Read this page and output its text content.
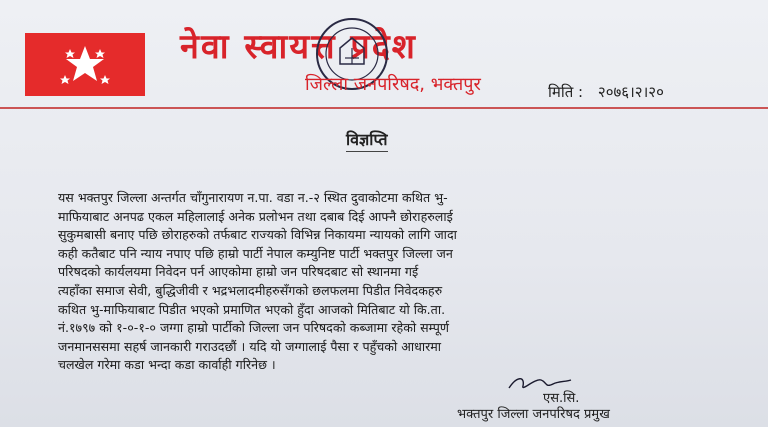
नेवा स्वायत्त प्रदेश
जिल्ला जनपरिषद, भक्तपुर	मिति : २०७६।२।२०
विज्ञप्ति
यस भक्तपुर जिल्ला अन्तर्गत चाँगुनारायण न.पा. वडा न.-२ स्थित दुवाकोटमा कथित भु-
माफियाबाट अनपढ एकल महिलालाई अनेक प्रलोभन तथा दबाब दिई आफ्नै छोराहरुलाई
सुकुमबासी बनाए पछि छोराहरुको तर्फबाट राज्यको विभिन्न निकायमा न्यायको लागि जादा
कही कतैबाट पनि न्याय नपाए पछि हाम्रो पार्टी नेपाल कम्युनिष्ट पार्टी भक्तपुर जिल्ला जन
परिषदको कार्यलयमा निवेदन पर्न आएकोमा हाम्रो जन परिषदबाट सो स्थानमा गई
त्यहाँका समाज सेवी, बुद्धिजीवी र भद्रभलादमीहरुसँगको छलफलमा पिडीत निवेदकहरु
कथित भु-माफियाबाट पिडीत भएको प्रमाणित भएको हुँदा आजको मितिबाट यो कि.ता.
नं.१७९७ को १-०-१-० जग्गा हाम्रो पार्टीको जिल्ला जन परिषदको कब्जामा रहेको सम्पूर्ण
जनमानससमा सहर्ष जानकारी गराउदछौं । यदि यो जग्गालाई पैसा र पहुँचको आधारमा
चलखेल गरेमा कडा भन्दा कडा कार्वाही गरिनेछ ।
एस.सि.
भक्तपुर जिल्ला जनपरिषद प्रमुख
